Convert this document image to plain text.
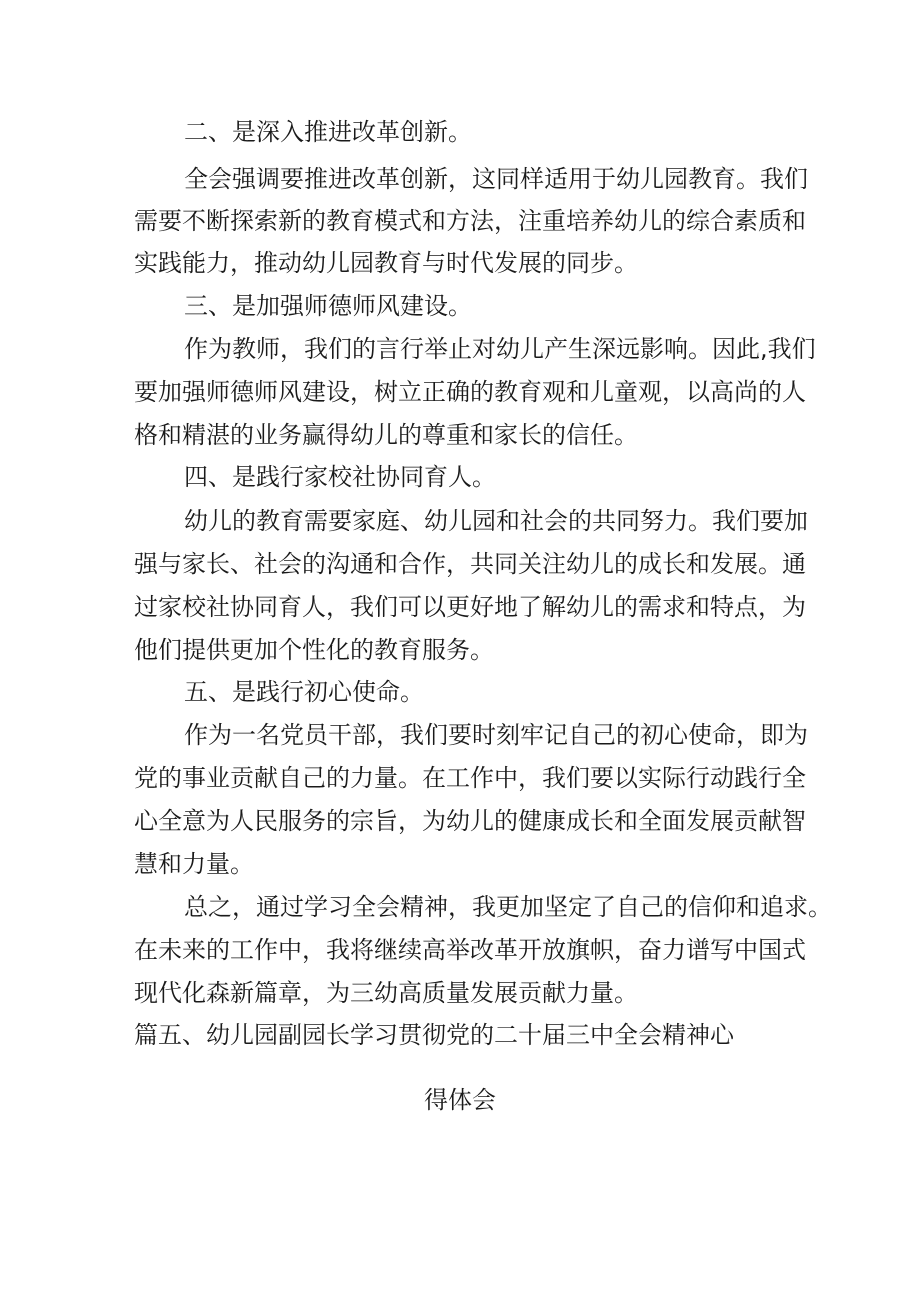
二、是深入推进改革创新。

全会强调要推进改革创新，这同样适用于幼儿园教育。我们

需要不断探索新的教育模式和方法，注重培养幼儿的综合素质和

实践能力，推动幼儿园教育与时代发展的同步。

三、是加强师德师风建设。

作为教师，我们的言行举止对幼儿产生深远影响。因此,我们

要加强师德师风建设，树立正确的教育观和儿童观，以高尚的人

格和精湛的业务赢得幼儿的尊重和家长的信任。

四、是践行家校社协同育人。

幼儿的教育需要家庭、幼儿园和社会的共同努力。我们要加

强与家长、社会的沟通和合作，共同关注幼儿的成长和发展。通

过家校社协同育人，我们可以更好地了解幼儿的需求和特点，为

他们提供更加个性化的教育服务。

五、是践行初心使命。

作为一名党员干部，我们要时刻牢记自己的初心使命，即为

党的事业贡献自己的力量。在工作中，我们要以实际行动践行全

心全意为人民服务的宗旨，为幼儿的健康成长和全面发展贡献智

慧和力量。

总之，通过学习全会精神，我更加坚定了自己的信仰和追求。

在未来的工作中，我将继续高举改革开放旗帜，奋力谱写中国式

现代化森新篇章，为三幼高质量发展贡献力量。

篇五、幼儿园副园长学习贯彻党的二十届三中全会精神心

得体会
